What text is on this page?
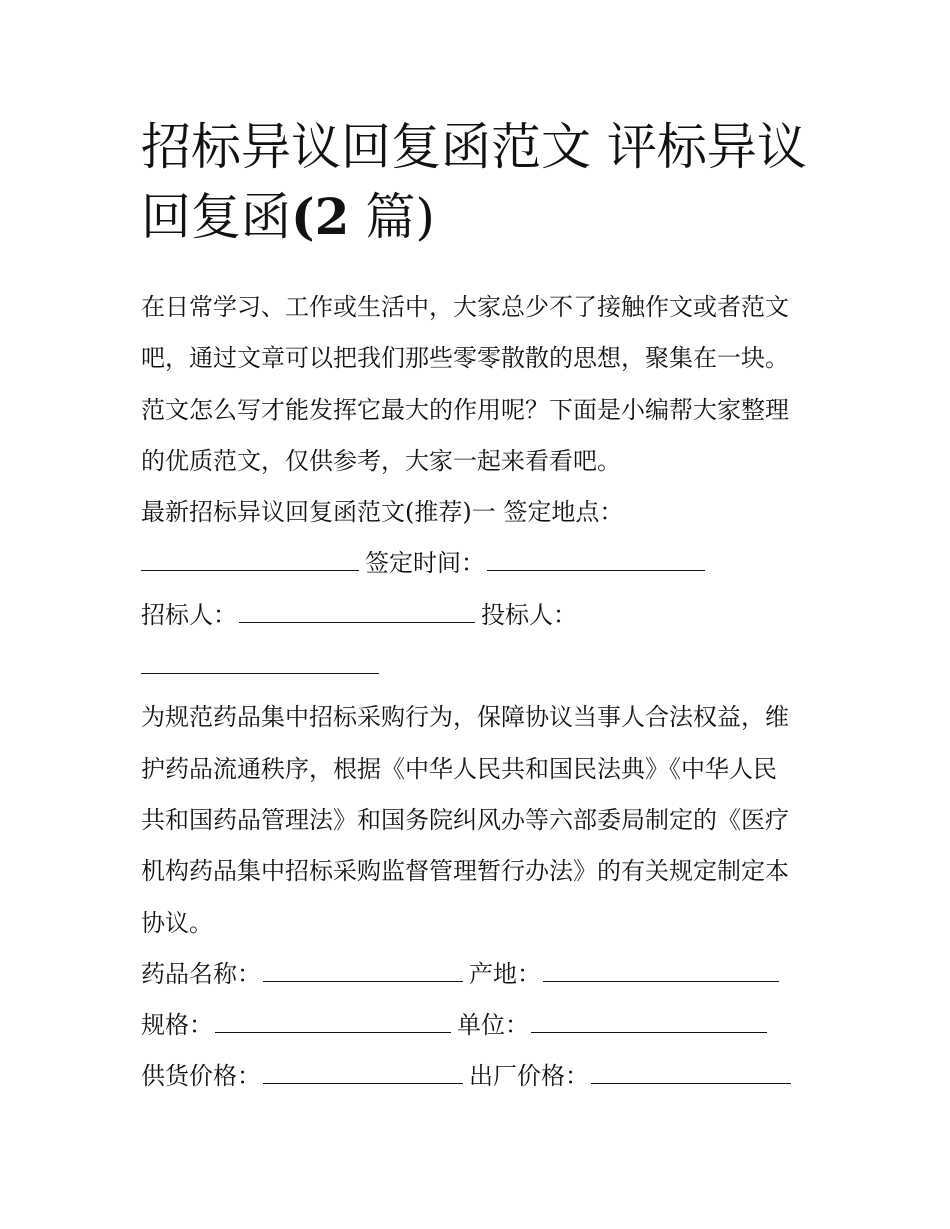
招标异议回复函范文 评标异议
回复函(2 篇)

在日常学习、工作或生活中，大家总少不了接触作文或者范文
吧，通过文章可以把我们那些零零散散的思想，聚集在一块。
范文怎么写才能发挥它最大的作用呢？下面是小编帮大家整理
的优质范文，仅供参考，大家一起来看看吧。

最新招标异议回复函范文(推荐)一 签定地点：
签定时间：
招标人：	投标人：

为规范药品集中招标采购行为，保障协议当事人合法权益，维
护药品流通秩序，根据《中华人民共和国民法典》《中华人民
共和国药品管理法》和国务院纠风办等六部委局制定的《医疗
机构药品集中招标采购监督管理暂行办法》的有关规定制定本
协议。

药品名称：	产地：
规格：	单位：
供货价格：	出厂价格：
